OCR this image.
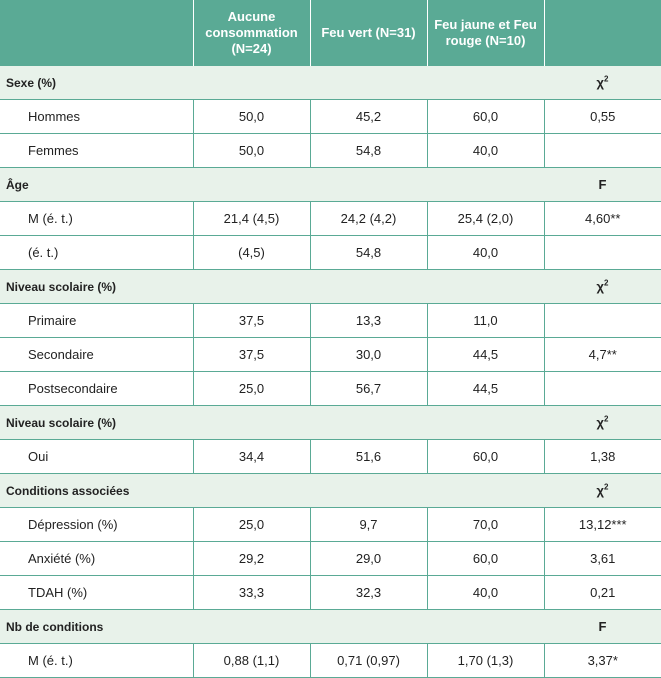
	Aucune consommation (N=24)	Feu vert (N=31)	Feu jaune et Feu rouge (N=10)	
Sexe (%)				$\chi^2$
Hommes	50,0	45,2	60,0	0,55
Femmes	50,0	54,8	40,0	
Âge				F
M (é. t.)	21,4 (4,5)	24,2 (4,2)	25,4 (2,0)	4,60**
(é. t.)	(4,5)	54,8	40,0	
Niveau scolaire (%)				$\chi^2$
Primaire	37,5	13,3	11,0	
Secondaire	37,5	30,0	44,5	4,7**
Postsecondaire	25,0	56,7	44,5	
Niveau scolaire (%)				$\chi^2$
Oui	34,4	51,6	60,0	1,38
Conditions associées				$\chi^2$
Dépression (%)	25,0	9,7	70,0	13,12***
Anxiété (%)	29,2	29,0	60,0	3,61
TDAH (%)	33,3	32,3	40,0	0,21
Nb de conditions				F
M (é. t.)	0,88 (1,1)	0,71 (0,97)	1,70 (1,3)	3,37*
